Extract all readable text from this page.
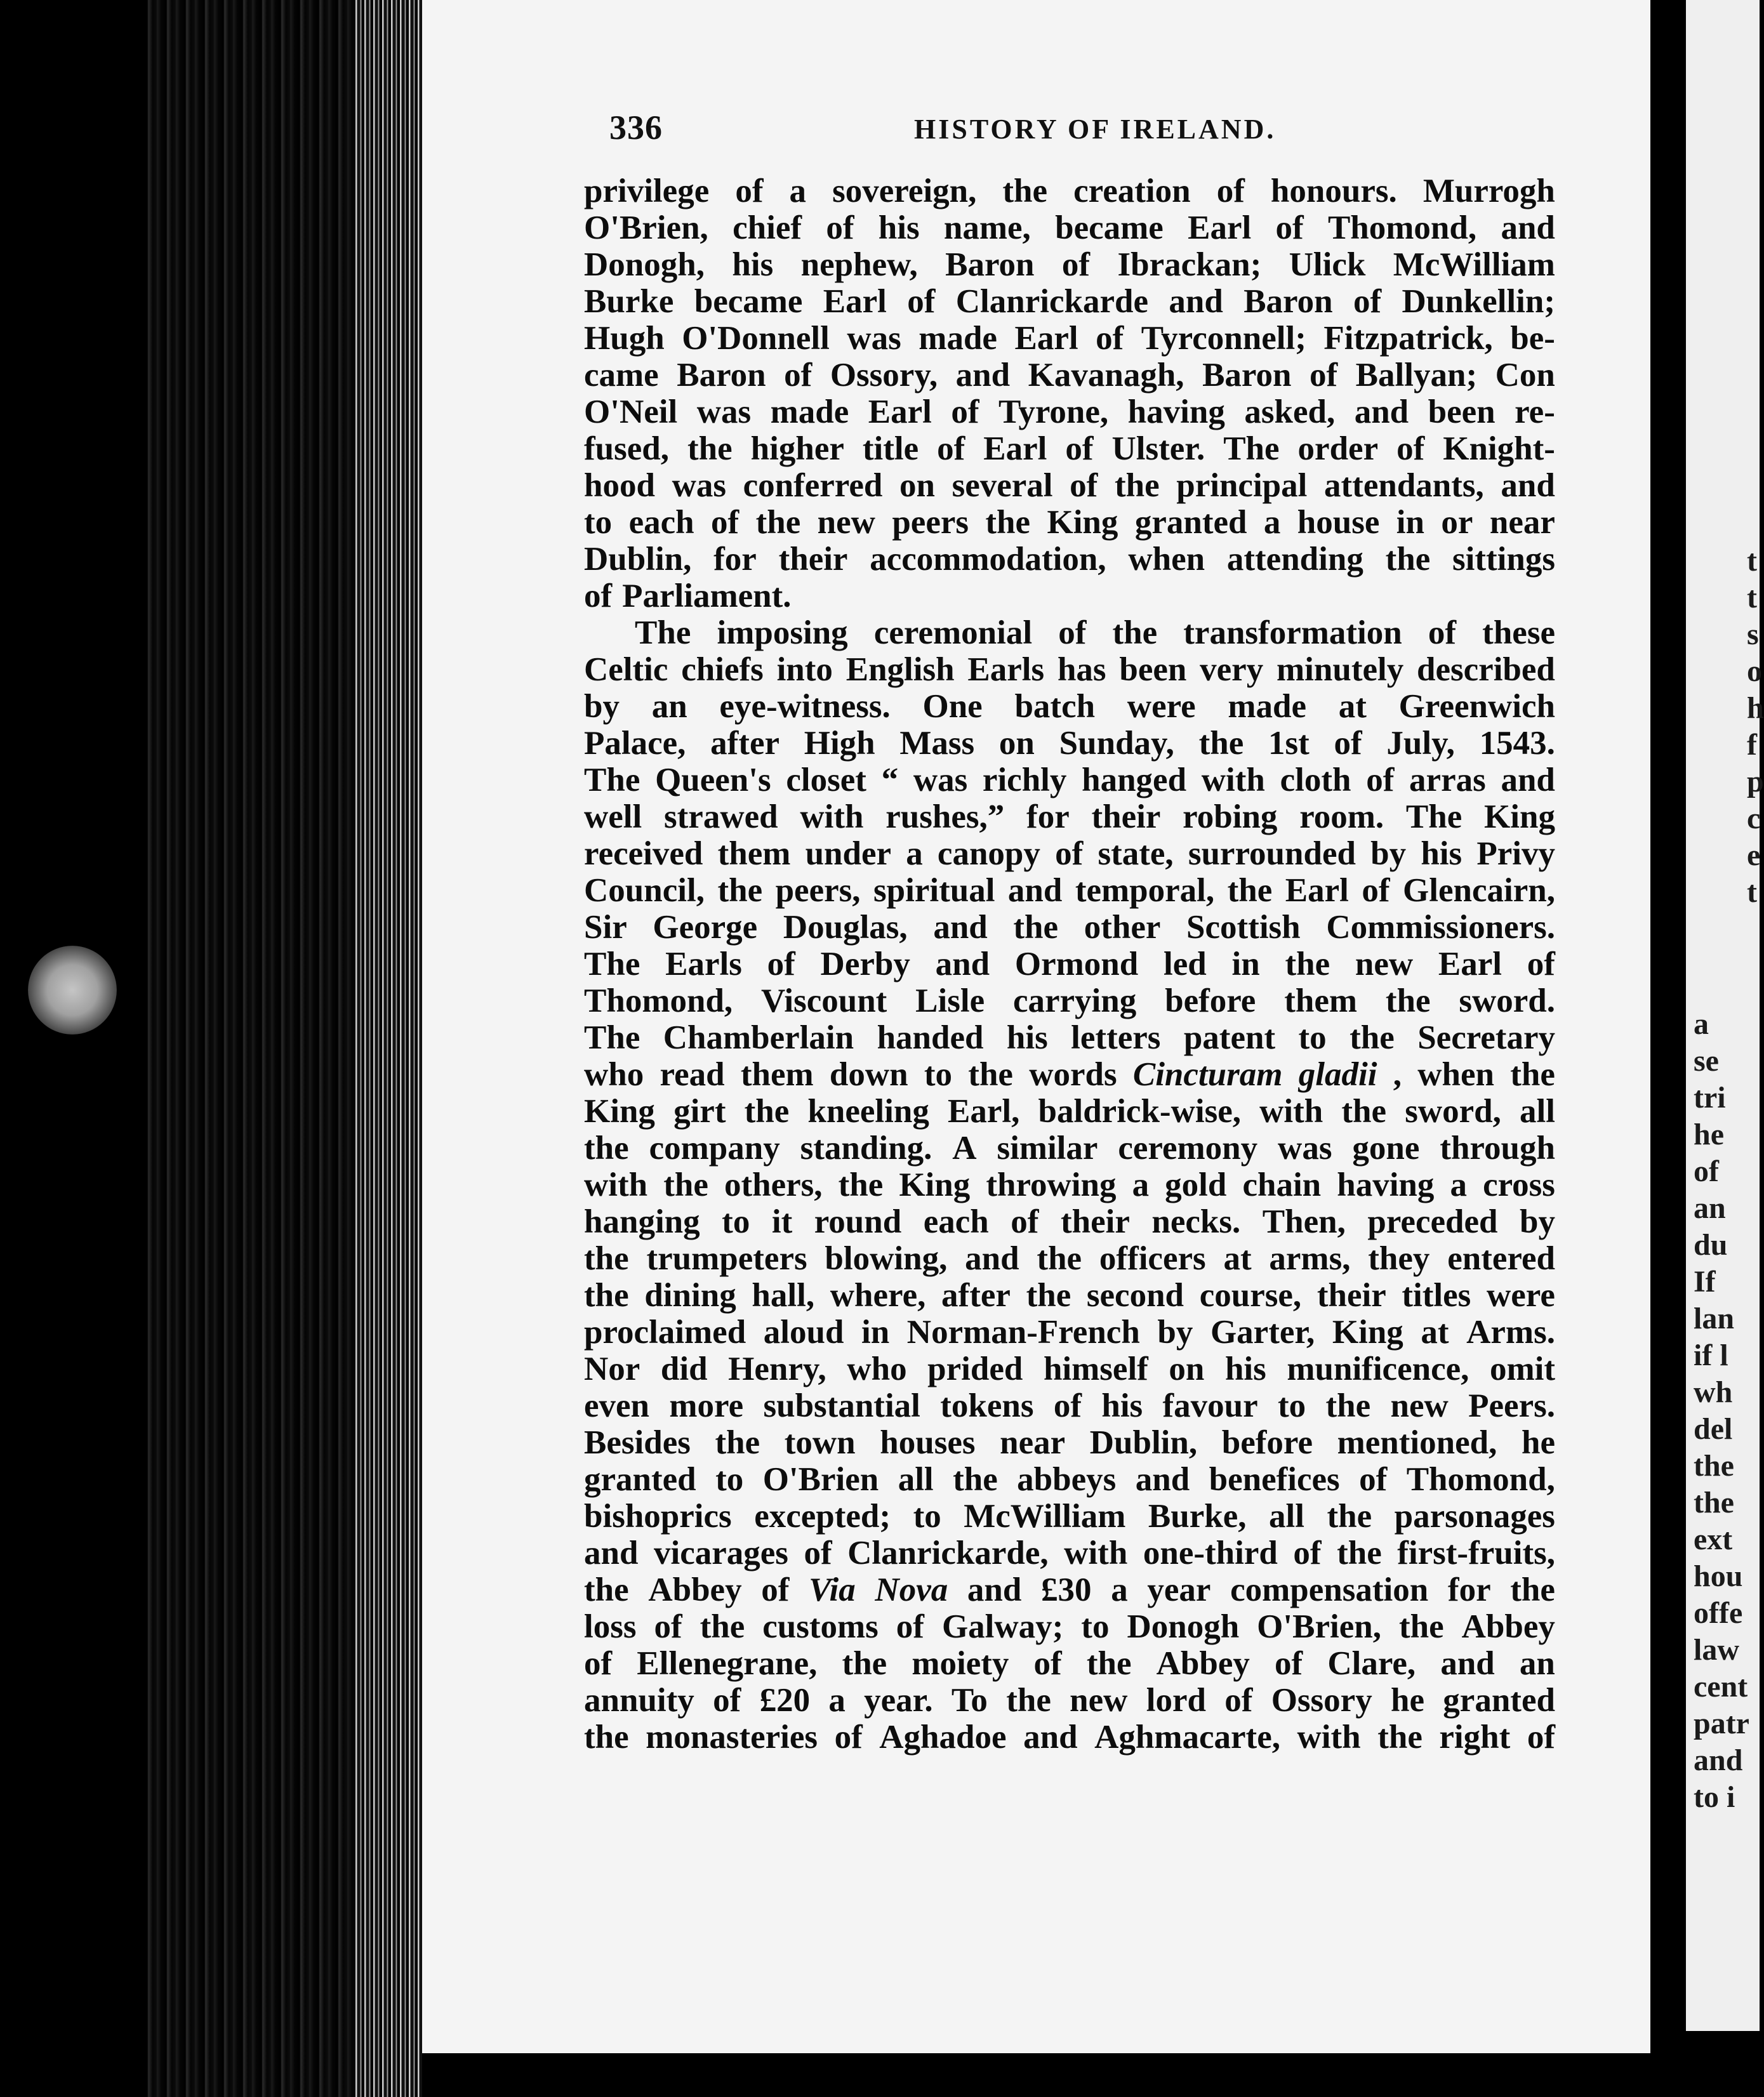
t
t
s
o
h
f
p
c
e
t
a
se
tri
he
of
an
du
If
lan
if l
wh
del
the
the
ext
hou
offe
law
cent
patr
and
to i
336	HISTORY OF IRELAND.
privilege of a sovereign, the creation of honours. Murrogh
O'Brien, chief of his name, became Earl of Thomond, and
Donogh, his nephew, Baron of Ibrackan; Ulick McWilliam
Burke became Earl of Clanrickarde and Baron of Dunkellin;
Hugh O'Donnell was made Earl of Tyrconnell; Fitzpatrick, be-
came Baron of Ossory, and Kavanagh, Baron of Ballyan; Con
O'Neil was made Earl of Tyrone, having asked, and been re-
fused, the higher title of Earl of Ulster. The order of Knight-
hood was conferred on several of the principal attendants, and
to each of the new peers the King granted a house in or near
Dublin, for their accommodation, when attending the sittings
of Parliament.
The imposing ceremonial of the transformation of these
Celtic chiefs into English Earls has been very minutely described
by an eye-witness. One batch were made at Greenwich
Palace, after High Mass on Sunday, the 1st of July, 1543.
The Queen's closet “ was richly hanged with cloth of arras and
well strawed with rushes,” for their robing room. The King
received them under a canopy of state, surrounded by his Privy
Council, the peers, spiritual and temporal, the Earl of Glencairn,
Sir George Douglas, and the other Scottish Commissioners.
The Earls of Derby and Ormond led in the new Earl of
Thomond, Viscount Lisle carrying before them the sword.
The Chamberlain handed his letters patent to the Secretary
who read them down to the words Cincturam gladii , when the
King girt the kneeling Earl, baldrick-wise, with the sword, all
the company standing. A similar ceremony was gone through
with the others, the King throwing a gold chain having a cross
hanging to it round each of their necks. Then, preceded by
the trumpeters blowing, and the officers at arms, they entered
the dining hall, where, after the second course, their titles were
proclaimed aloud in Norman-French by Garter, King at Arms.
Nor did Henry, who prided himself on his munificence, omit
even more substantial tokens of his favour to the new Peers.
Besides the town houses near Dublin, before mentioned, he
granted to O'Brien all the abbeys and benefices of Thomond,
bishoprics excepted; to McWilliam Burke, all the parsonages
and vicarages of Clanrickarde, with one-third of the first-fruits,
the Abbey of Via Nova and £30 a year compensation for the
loss of the customs of Galway; to Donogh O'Brien, the Abbey
of Ellenegrane, the moiety of the Abbey of Clare, and an
annuity of £20 a year. To the new lord of Ossory he granted
the monasteries of Aghadoe and Aghmacarte, with the right of
